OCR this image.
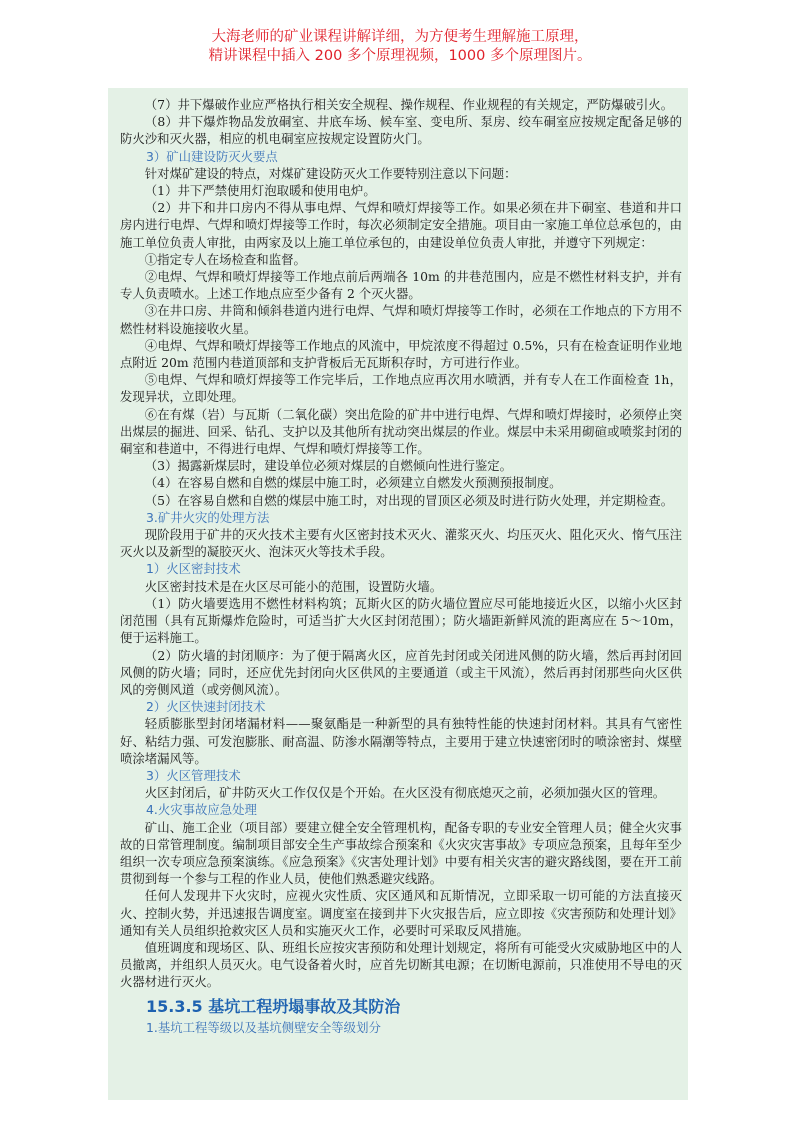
大海老师的矿业课程讲解详细，为方便考生理解施工原理，
精讲课程中插入 200 多个原理视频，1000 多个原理图片。

（7）井下爆破作业应严格执行相关安全规程、操作规程、作业规程的有关规定，严防爆破引火。

（8）井下爆炸物品发放硐室、井底车场、候车室、变电所、泵房、绞车硐室应按规定配备足够的防火沙和灭火器，相应的机电硐室应按规定设置防火门。

3）矿山建设防灭火要点

针对煤矿建设的特点，对煤矿建设防灭火工作要特别注意以下问题：

（1）井下严禁使用灯泡取暖和使用电炉。

（2）井下和井口房内不得从事电焊、气焊和喷灯焊接等工作。如果必须在井下硐室、巷道和井口房内进行电焊、气焊和喷灯焊接等工作时，每次必须制定安全措施。项目由一家施工单位总承包的，由施工单位负责人审批，由两家及以上施工单位承包的，由建设单位负责人审批，并遵守下列规定：

①指定专人在场检查和监督。

②电焊、气焊和喷灯焊接等工作地点前后两端各 10m 的井巷范围内，应是不燃性材料支护，并有专人负责喷水。上述工作地点应至少备有 2 个灭火器。

③在井口房、井筒和倾斜巷道内进行电焊、气焊和喷灯焊接等工作时，必须在工作地点的下方用不燃性材料设施接收火星。

④电焊、气焊和喷灯焊接等工作地点的风流中，甲烷浓度不得超过 0.5%，只有在检查证明作业地点附近 20m 范围内巷道顶部和支护背板后无瓦斯积存时，方可进行作业。

⑤电焊、气焊和喷灯焊接等工作完毕后，工作地点应再次用水喷洒，并有专人在工作面检查 1h，发现异状，立即处理。

⑥在有煤（岩）与瓦斯（二氧化碳）突出危险的矿井中进行电焊、气焊和喷灯焊接时，必须停止突出煤层的掘进、回采、钻孔、支护以及其他所有扰动突出煤层的作业。煤层中未采用砌碹或喷浆封闭的硐室和巷道中，不得进行电焊、气焊和喷灯焊接等工作。

（3）揭露新煤层时，建设单位必须对煤层的自燃倾向性进行鉴定。

（4）在容易自燃和自燃的煤层中施工时，必须建立自燃发火预测预报制度。

（5）在容易自燃和自燃的煤层中施工时，对出现的冒顶区必须及时进行防火处理，并定期检查。

3.矿井火灾的处理方法

现阶段用于矿井的灭火技术主要有火区密封技术灭火、灌浆灭火、均压灭火、阻化灭火、惰气压注灭火以及新型的凝胶灭火、泡沫灭火等技术手段。

1）火区密封技术

火区密封技术是在火区尽可能小的范围，设置防火墙。

（1）防火墙要选用不燃性材料构筑；瓦斯火区的防火墙位置应尽可能地接近火区，以缩小火区封闭范围（具有瓦斯爆炸危险时，可适当扩大火区封闭范围）；防火墙距新鲜风流的距离应在 5～10m，便于运料施工。

（2）防火墙的封闭顺序：为了便于隔离火区，应首先封闭或关闭进风侧的防火墙，然后再封闭回风侧的防火墙；同时，还应优先封闭向火区供风的主要通道（或主干风流），然后再封闭那些向火区供风的旁侧风道（或旁侧风流）。

2）火区快速封闭技术

轻质膨胀型封闭堵漏材料——聚氨酯是一种新型的具有独特性能的快速封闭材料。其具有气密性好、粘结力强、可发泡膨胀、耐高温、防渗水隔潮等特点，主要用于建立快速密闭时的喷涂密封、煤壁喷涂堵漏风等。

3）火区管理技术

火区封闭后，矿井防灭火工作仅仅是个开始。在火区没有彻底熄灭之前，必须加强火区的管理。

4.火灾事故应急处理

矿山、施工企业（项目部）要建立健全安全管理机构，配备专职的专业安全管理人员；健全火灾事故的日常管理制度。编制项目部安全生产事故综合预案和《火灾灾害事故》专项应急预案，且每年至少组织一次专项应急预案演练。《应急预案》《灾害处理计划》中要有相关灾害的避灾路线图，要在开工前贯彻到每一个参与工程的作业人员，使他们熟悉避灾线路。

任何人发现井下火灾时，应视火灾性质、灾区通风和瓦斯情况，立即采取一切可能的方法直接灭火、控制火势，并迅速报告调度室。调度室在接到井下火灾报告后，应立即按《灾害预防和处理计划》通知有关人员组织抢救灾区人员和实施灭火工作，必要时可采取反风措施。

值班调度和现场区、队、班组长应按灾害预防和处理计划规定，将所有可能受火灾威胁地区中的人员撤离，并组织人员灭火。电气设备着火时，应首先切断其电源；在切断电源前，只准使用不导电的灭火器材进行灭火。

15.3.5 基坑工程坍塌事故及其防治

1.基坑工程等级以及基坑侧壁安全等级划分
